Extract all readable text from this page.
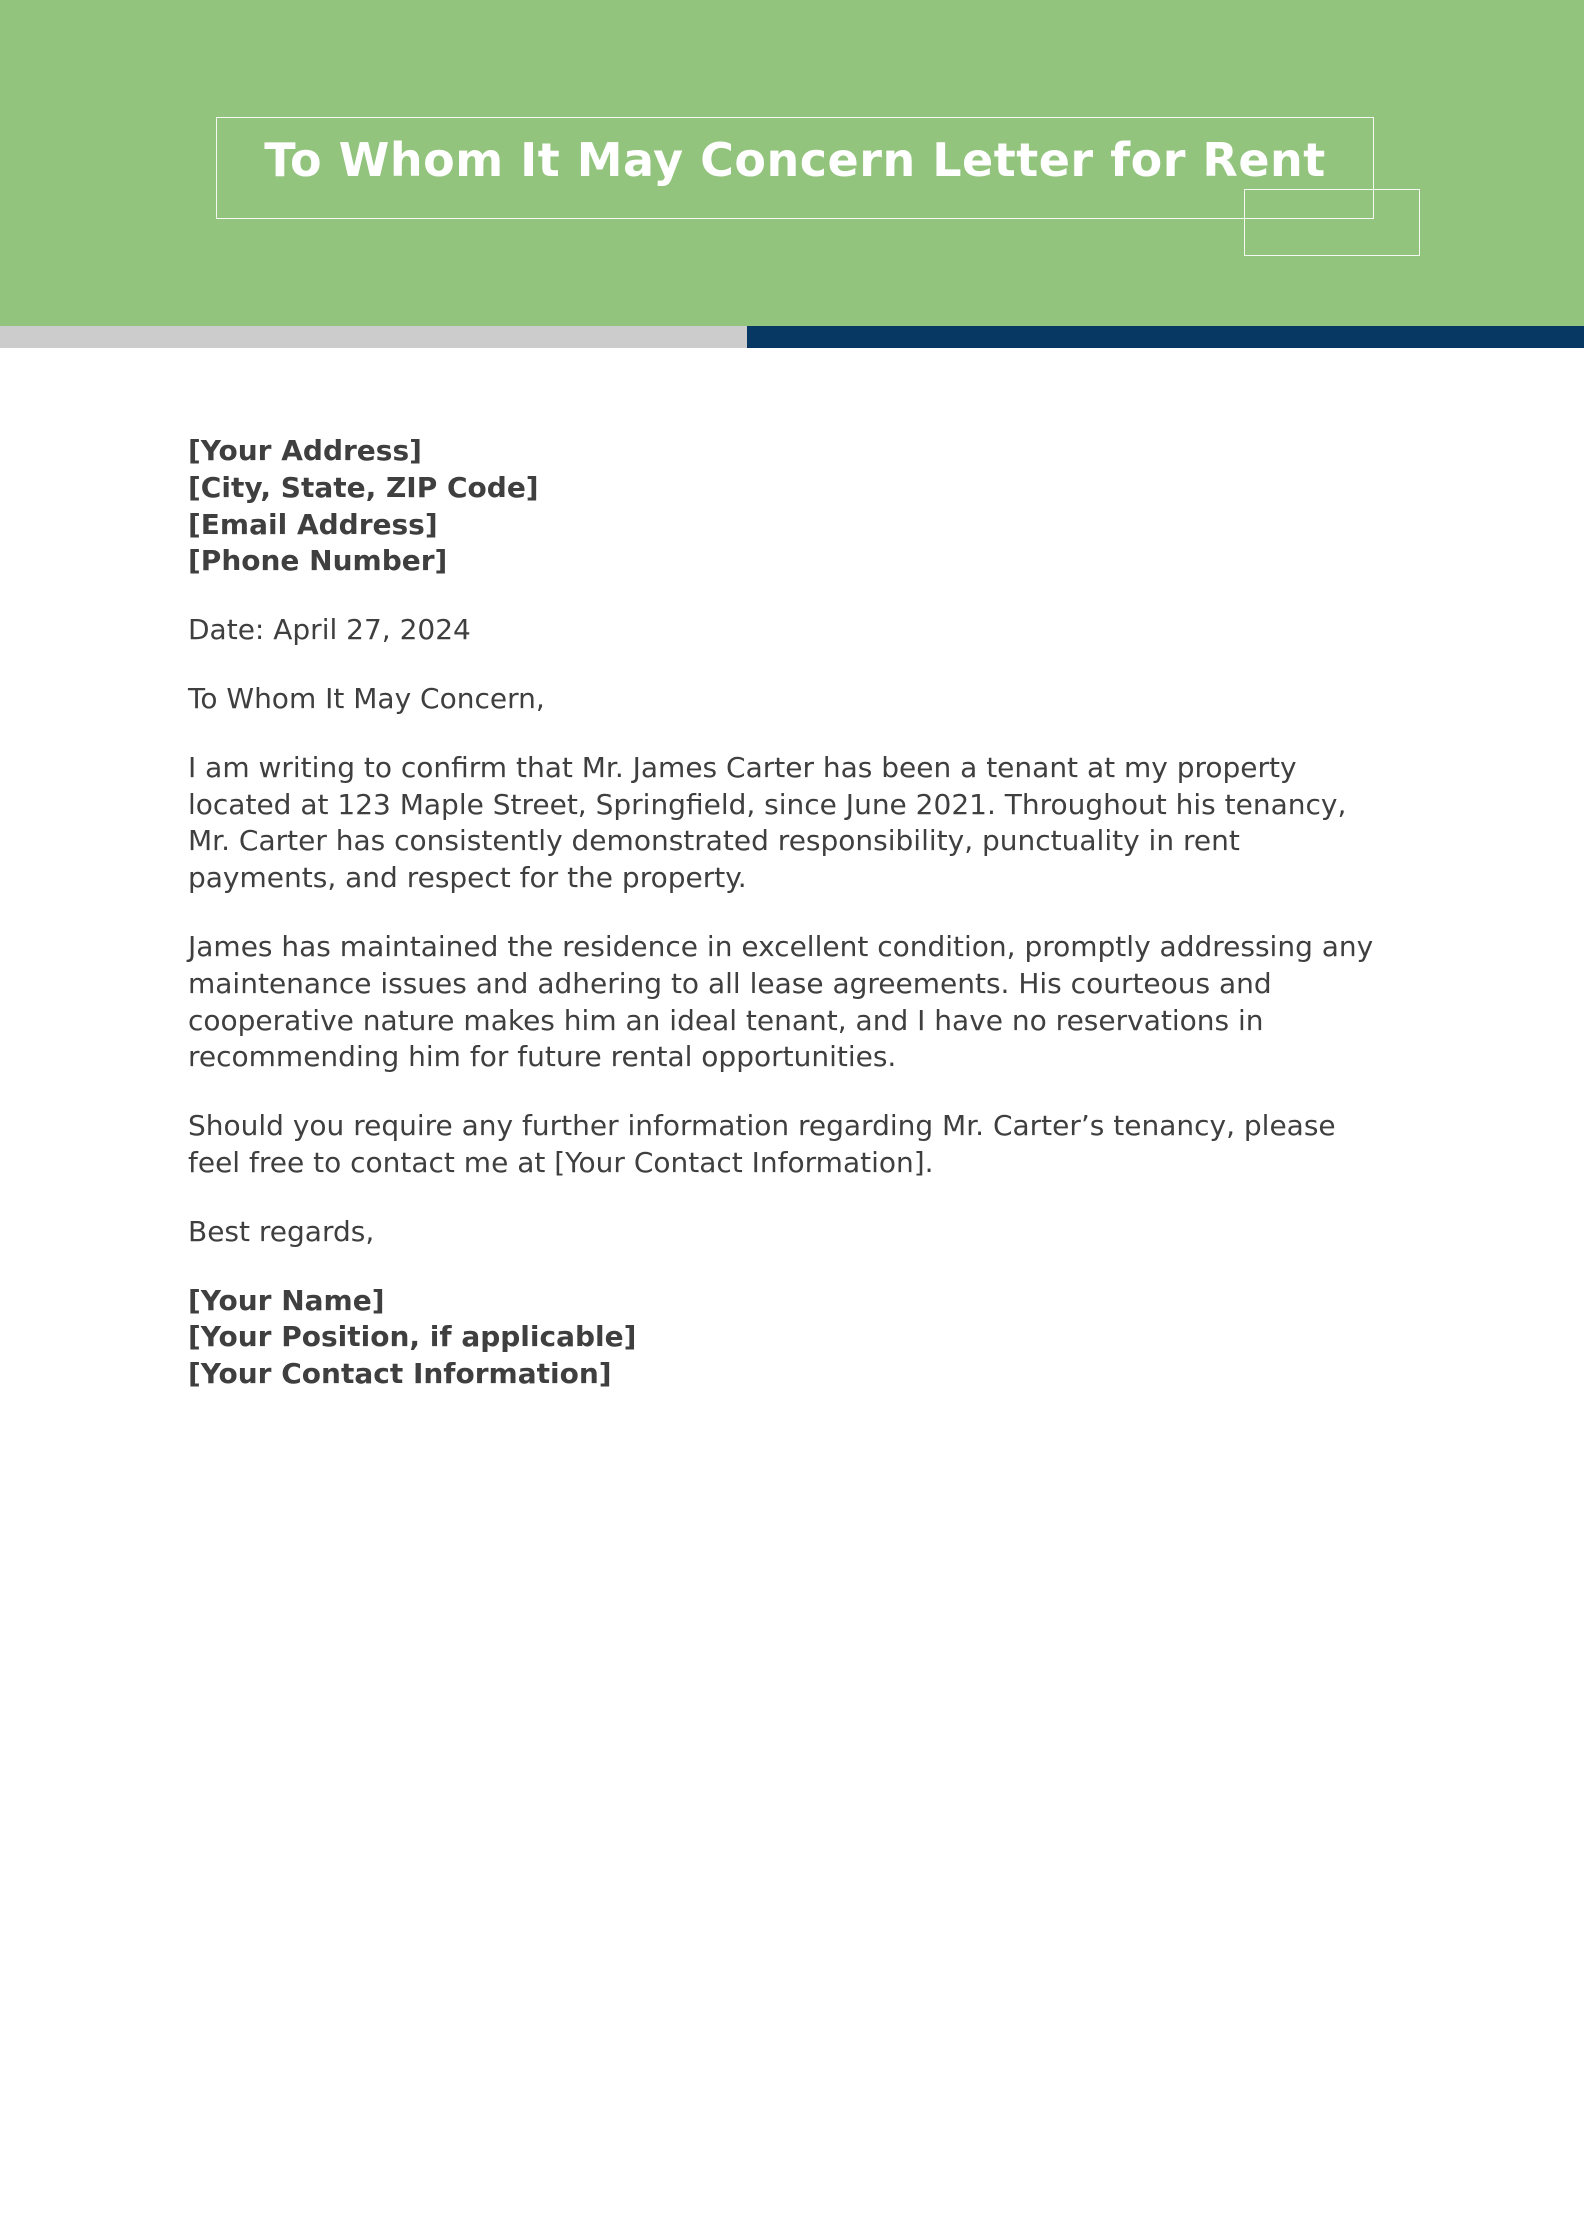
To Whom It May Concern Letter for Rent
[Your Address]
[City, State, ZIP Code]
[Email Address]
[Phone Number]

Date: April 27, 2024

To Whom It May Concern,

I am writing to confirm that Mr. James Carter has been a tenant at my property
located at 123 Maple Street, Springfield, since June 2021. Throughout his tenancy,
Mr. Carter has consistently demonstrated responsibility, punctuality in rent
payments, and respect for the property.

James has maintained the residence in excellent condition, promptly addressing any
maintenance issues and adhering to all lease agreements. His courteous and
cooperative nature makes him an ideal tenant, and I have no reservations in
recommending him for future rental opportunities.

Should you require any further information regarding Mr. Carter’s tenancy, please
feel free to contact me at [Your Contact Information].

Best regards,

[Your Name]
[Your Position, if applicable]
[Your Contact Information]
